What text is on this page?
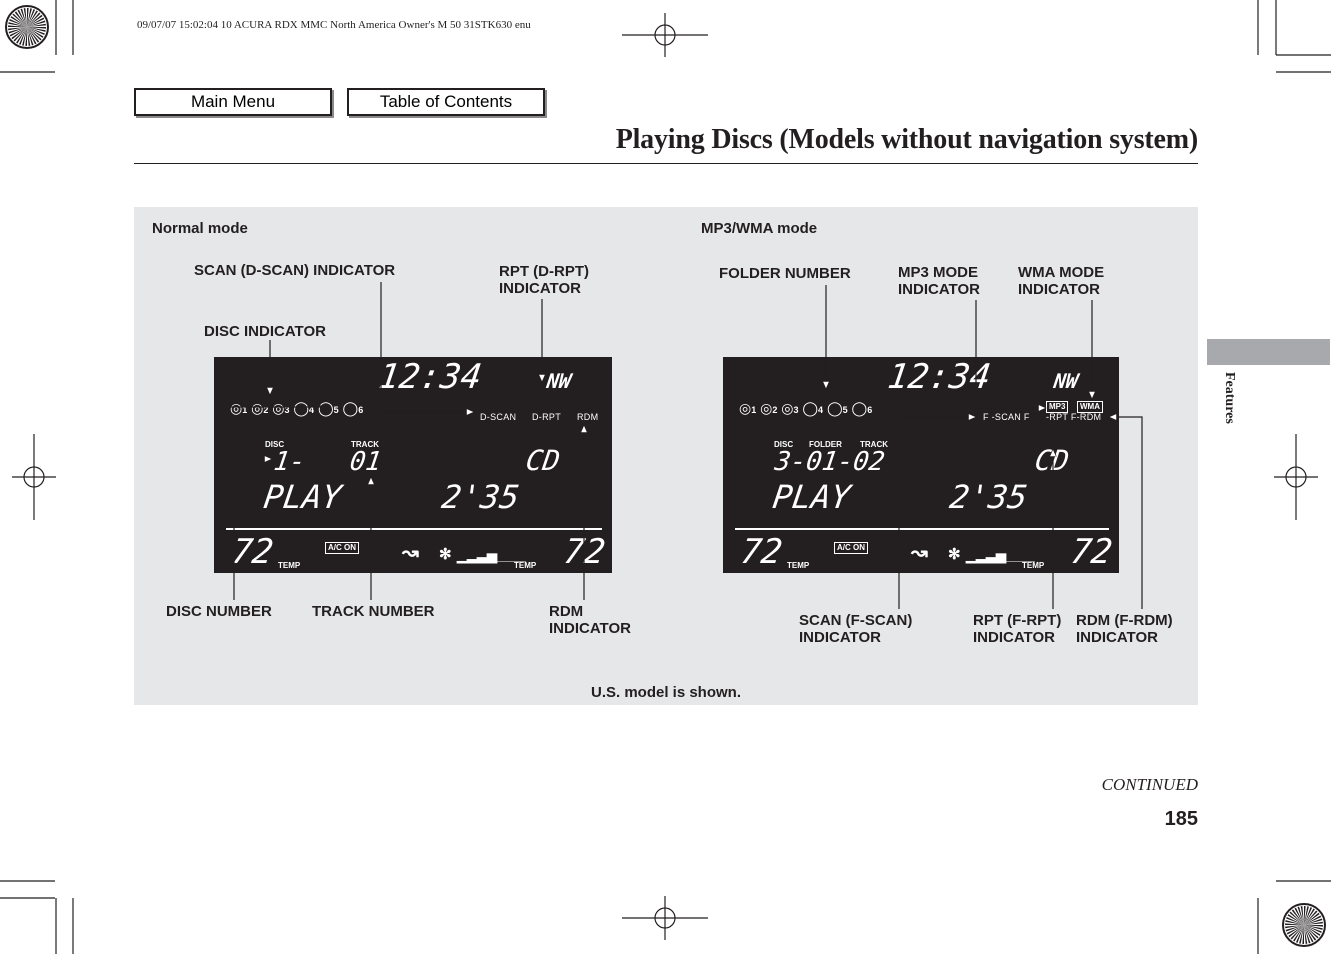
09/07/07 15:02:04 10 ACURA RDX MMC North America Owner's M 50 31STK630 enu
Main Menu	Table of Contents
Playing Discs (Models without navigation system)
Features
Normal mode
SCAN (D-SCAN) INDICATOR	RPT (D-RPT)
INDICATOR
DISC INDICATOR
DISC NUMBER	TRACK NUMBER	RDM
INDICATOR
MP3/WMA mode
FOLDER NUMBER	MP3 MODE
INDICATOR
WMA MODE
INDICATOR
SCAN (F-SCAN)
INDICATOR
RPT (F-RPT)
INDICATOR
RDM (F-RDM)
INDICATOR
12:34	NW
◎1 ◎2 ◎3 ◯4 ◯5 ◯6
D-SCAN D-RPT RDM
DISC	TRACK
1- 01	CD
PLAY	2'35
72 TEMP
A/C ON ↝ ✻ ▁▂▃▅____
TEMP 72
12:34	NW
◎1 ◎2 ◎3 ◯4 ◯5 ◯6	MP3	WMA
F -SCAN F -RPT F-RDM
DISC FOLDER TRACK
3-01-02	CD
PLAY	2'35
72 TEMP
A/C ON ↝ ✻ ▁▂▃▅____
TEMP 72
U.S. model is shown.
CONTINUED
185
